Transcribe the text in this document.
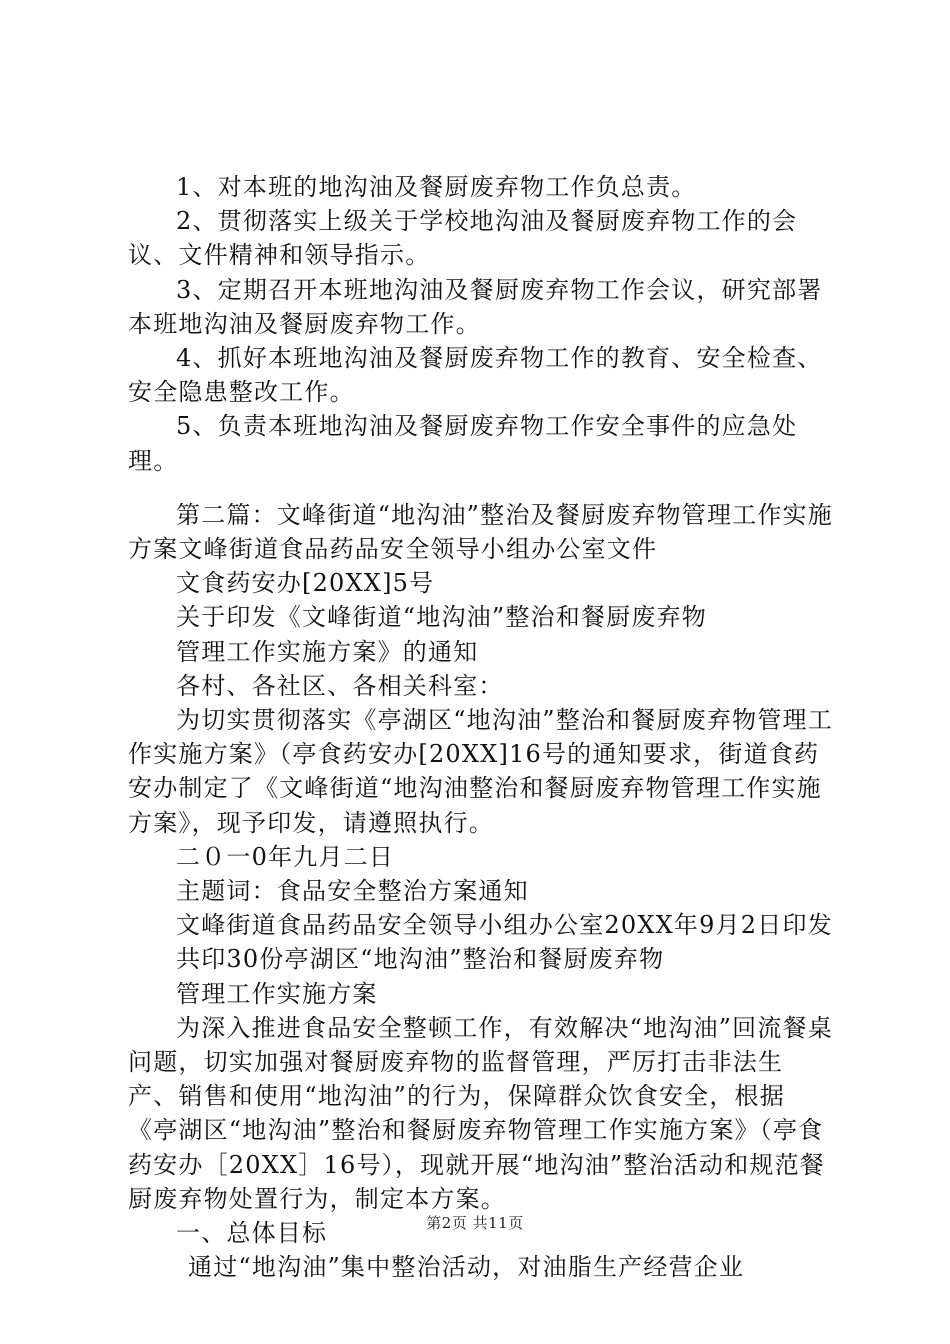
1、对本班的地沟油及餐厨废弃物工作负总责。

2、贯彻落实上级关于学校地沟油及餐厨废弃物工作的会议、文件精神和领导指示。

3、定期召开本班地沟油及餐厨废弃物工作会议，研究部署本班地沟油及餐厨废弃物工作。

4、抓好本班地沟油及餐厨废弃物工作的教育、安全检查、安全隐患整改工作。

5、负责本班地沟油及餐厨废弃物工作安全事件的应急处理。

第二篇：文峰街道“地沟油”整治及餐厨废弃物管理工作实施方案文峰街道食品药品安全领导小组办公室文件

文食药安办[20XX]5号

关于印发《文峰街道“地沟油”整治和餐厨废弃物

管理工作实施方案》的通知

各村、各社区、各相关科室：

为切实贯彻落实《亭湖区“地沟油”整治和餐厨废弃物管理工作实施方案》（亭食药安办[20XX]16号的通知要求，街道食药安办制定了《文峰街道“地沟油整治和餐厨废弃物管理工作实施方案》，现予印发，请遵照执行。

二０一0年九月二日

主题词：食品安全整治方案通知

文峰街道食品药品安全领导小组办公室20XX年9月2日印发

共印30份亭湖区“地沟油”整治和餐厨废弃物

管理工作实施方案

为深入推进食品安全整顿工作，有效解决“地沟油”回流餐桌问题，切实加强对餐厨废弃物的监督管理，严厉打击非法生产、销售和使用“地沟油”的行为，保障群众饮食安全，根据《亭湖区“地沟油”整治和餐厨废弃物管理工作实施方案》（亭食药安办［20XX］16号），现就开展“地沟油”整治活动和规范餐厨废弃物处置行为，制定本方案。

一、总体目标

通过“地沟油”集中整治活动，对油脂生产经营企业

第2页 共11页
